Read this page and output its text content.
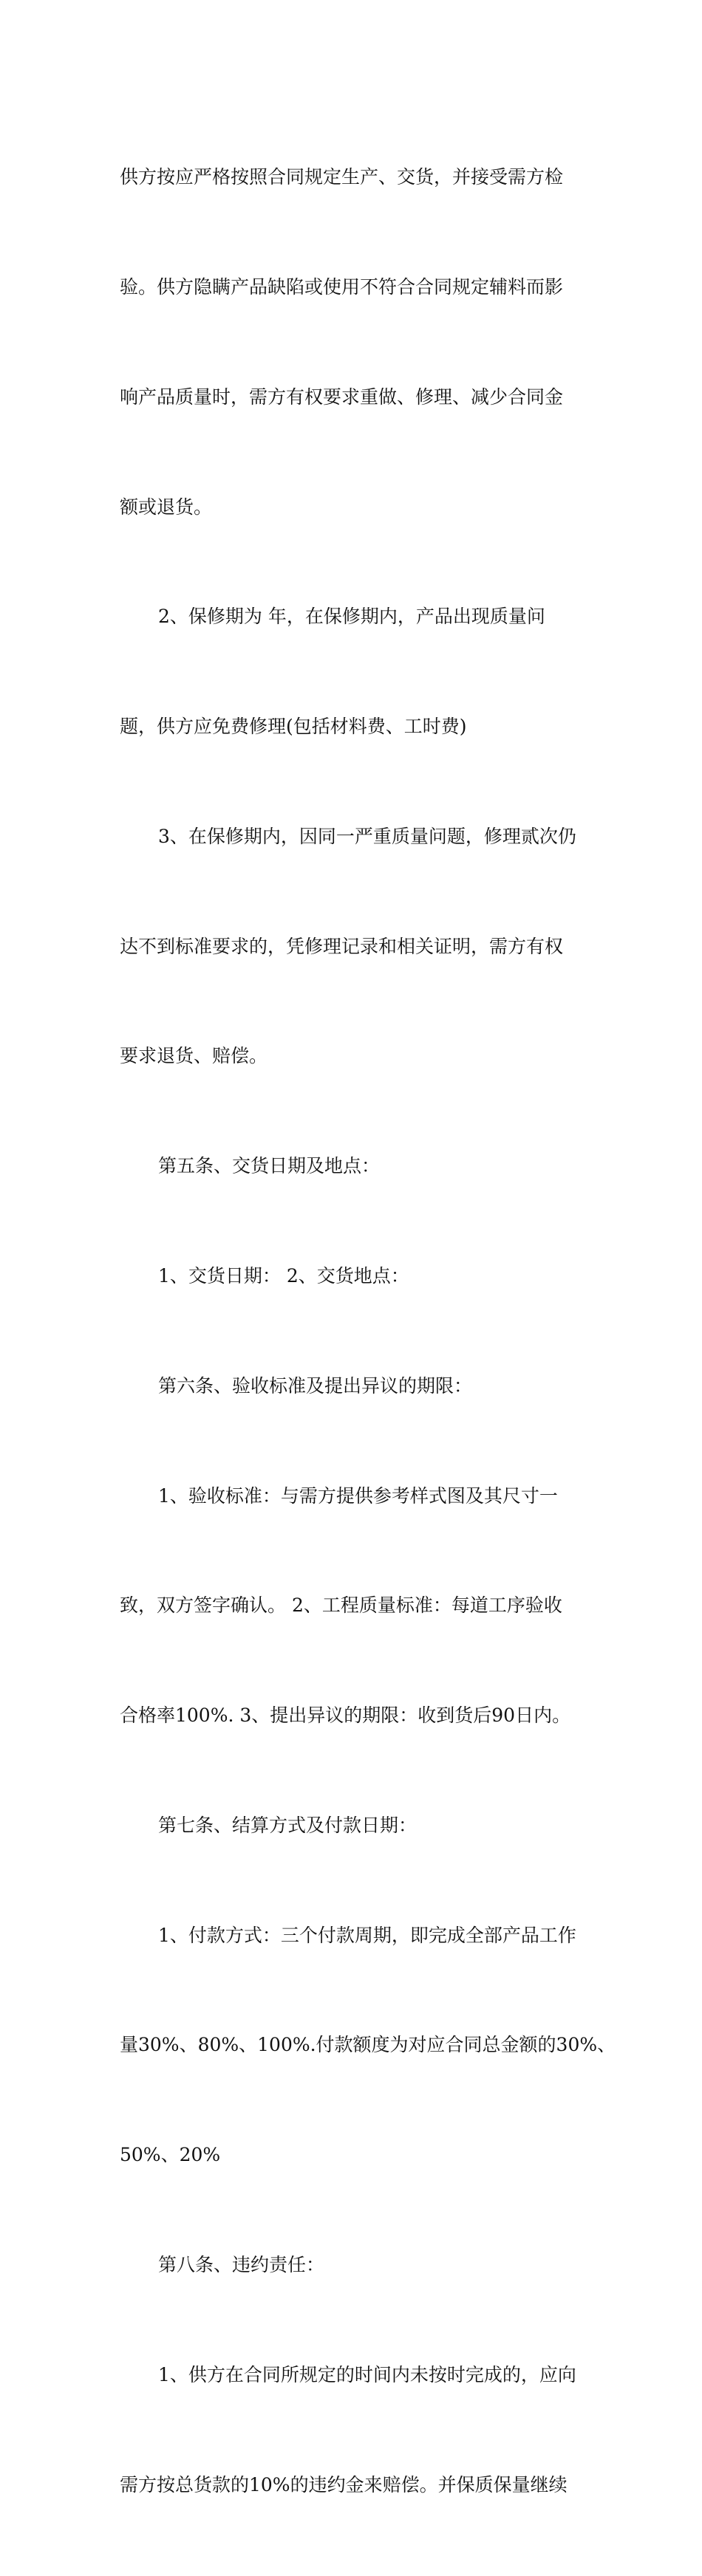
供方按应严格按照合同规定生产、交货，并接受需方检

验。供方隐瞒产品缺陷或使用不符合合同规定辅料而影

响产品质量时，需方有权要求重做、修理、减少合同金

额或退货。

2、保修期为 年，在保修期内，产品出现质量问

题，供方应免费修理(包括材料费、工时费)

3、在保修期内，因同一严重质量问题，修理贰次仍

达不到标准要求的，凭修理记录和相关证明，需方有权

要求退货、赔偿。

第五条、交货日期及地点：

1、交货日期： 2、交货地点：

第六条、验收标准及提出异议的期限：

1、验收标准：与需方提供参考样式图及其尺寸一

致，双方签字确认。 2、工程质量标准：每道工序验收

合格率100%. 3、提出异议的期限：收到货后90日内。

第七条、结算方式及付款日期：

1、付款方式：三个付款周期，即完成全部产品工作

量30%、80%、100%.付款额度为对应合同总金额的30%、

50%、20%

第八条、违约责任：

1、供方在合同所规定的时间内未按时完成的，应向

需方按总货款的10%的违约金来赔偿。并保质保量继续
